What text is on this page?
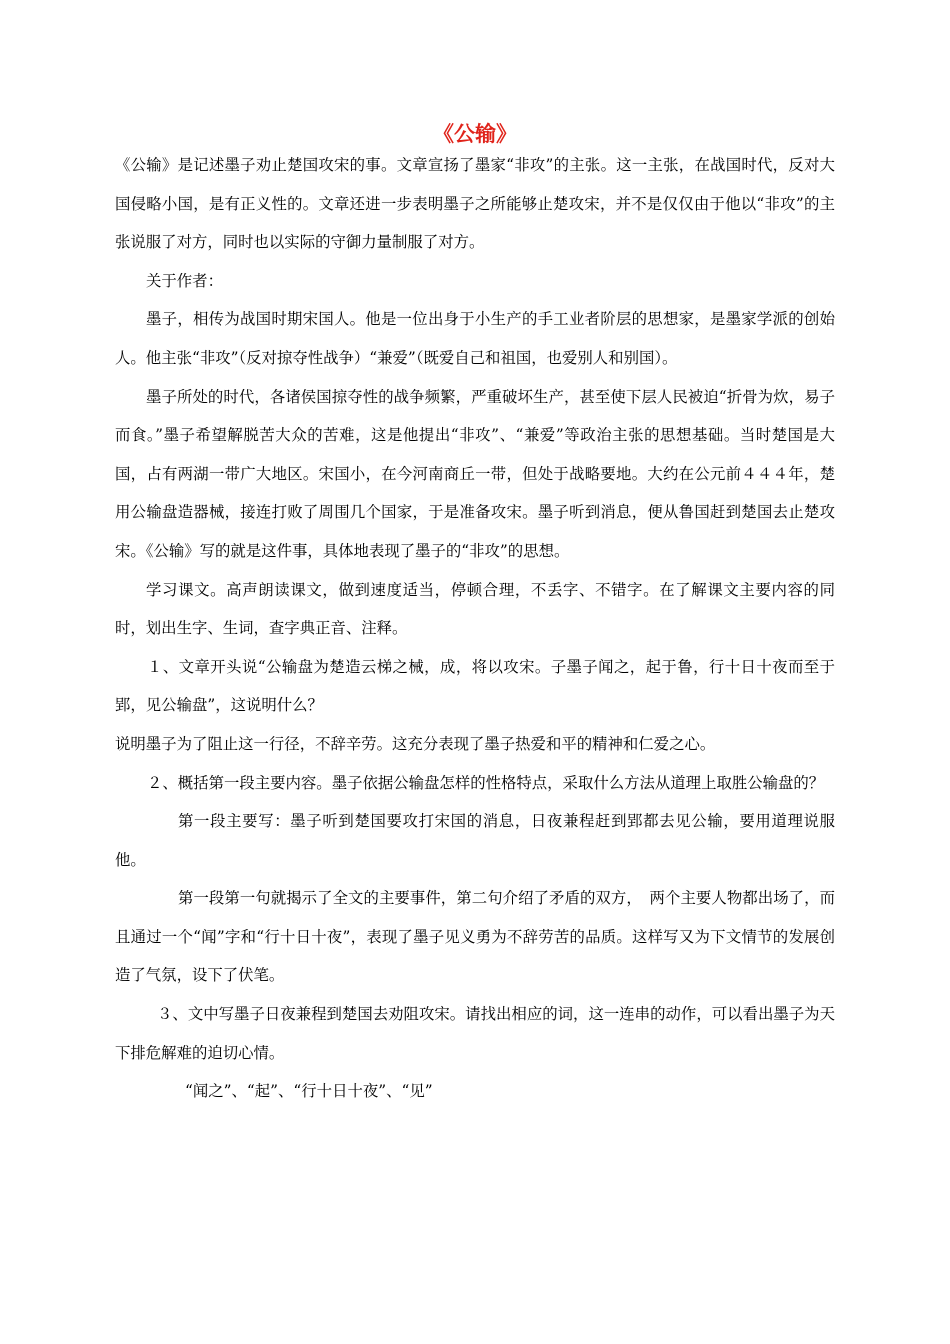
《公输》

《公输》是记述墨子劝止楚国攻宋的事。文章宣扬了墨家“非攻”的主张。这一主张，在战国时代，反对大国侵略小国，是有正义性的。文章还进一步表明墨子之所能够止楚攻宋，并不是仅仅由于他以“非攻”的主张说服了对方，同时也以实际的守御力量制服了对方。

关于作者：

墨子，相传为战国时期宋国人。他是一位出身于小生产的手工业者阶层的思想家，是墨家学派的创始人。他主张“非攻”（反对掠夺性战争）“兼爱”（既爱自己和祖国，也爱别人和别国）。

墨子所处的时代，各诸侯国掠夺性的战争频繁，严重破坏生产，甚至使下层人民被迫“折骨为炊，易子而食。”墨子希望解脱苦大众的苦难，这是他提出“非攻”、“兼爱”等政治主张的思想基础。当时楚国是大国，占有两湖一带广大地区。宋国小，在今河南商丘一带，但处于战略要地。大约在公元前４４４年，楚用公输盘造器械，接连打败了周围几个国家，于是准备攻宋。墨子听到消息，便从鲁国赶到楚国去止楚攻宋。《公输》写的就是这件事，具体地表现了墨子的“非攻”的思想。

学习课文。高声朗读课文，做到速度适当，停顿合理，不丢字、不错字。在了解课文主要内容的同时，划出生字、生词，查字典正音、注释。

１、文章开头说“公输盘为楚造云梯之械，成，将以攻宋。子墨子闻之，起于鲁，行十日十夜而至于郢，见公输盘”，这说明什么？

说明墨子为了阻止这一行径，不辞辛劳。这充分表现了墨子热爱和平的精神和仁爱之心。

２、概括第一段主要内容。墨子依据公输盘怎样的性格特点，采取什么方法从道理上取胜公输盘的？

第一段主要写：墨子听到楚国要攻打宋国的消息，日夜兼程赶到郢都去见公输，要用道理说服他。

第一段第一句就揭示了全文的主要事件，第二句介绍了矛盾的双方，　两个主要人物都出场了，而且通过一个“闻”字和“行十日十夜”，表现了墨子见义勇为不辞劳苦的品质。这样写又为下文情节的发展创造了气氛，设下了伏笔。

３、文中写墨子日夜兼程到楚国去劝阻攻宋。请找出相应的词，这一连串的动作，可以看出墨子为天下排危解难的迫切心情。

“闻之”、“起”、“行十日十夜”、“见”
